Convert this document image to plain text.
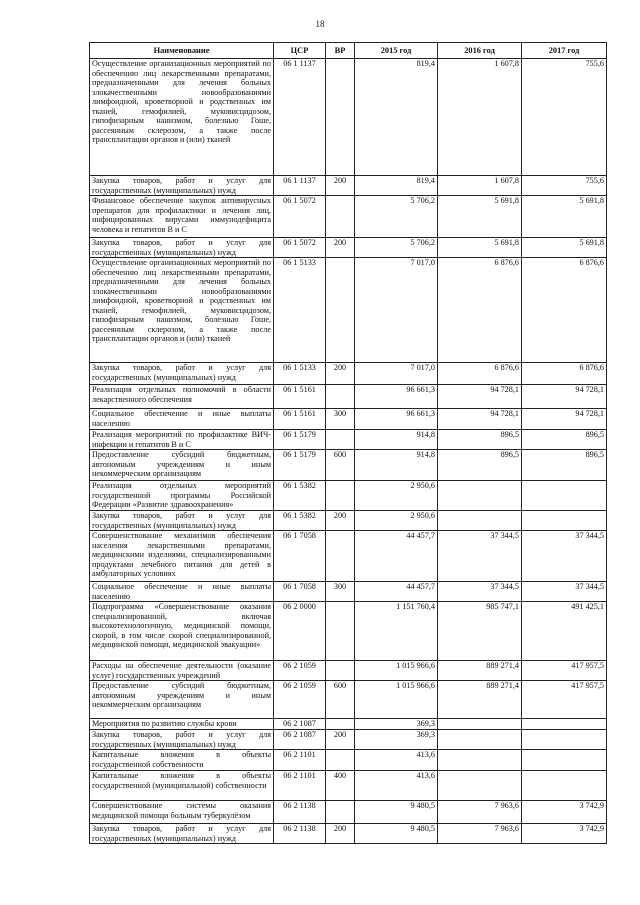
18
Наименование	ЦСР	ВР	2015 год	2016 год	2017 год
Осуществление организационных мероприятий по обеспечению лиц лекарственными препаратами, предназначенными для лечения больных злокачественными новообразованиями лимфоидной, кроветворной и родственных им тканей, гемофилией, муковисцидозом, гипофизарным нанизмом, болезнью Гоше, рассеянным склерозом, а также после трансплантации органов и (или) тканей	06 1 1137		819,4	1 607,8	755,6
Закупка товаров, работ и услуг для государственных (муниципальных) нужд	06 1 1137	200	819,4	1 607,8	755,6
Финансовое обеспечение закупок антивирусных препаратов для профилактики и лечения лиц, инфицированных вирусами иммунодефицита человека и гепатитов В и С	06 1 5072		5 706,2	5 691,8	5 691,8
Закупка товаров, работ и услуг для государственных (муниципальных) нужд	06 1 5072	200	5 706,2	5 691,8	5 691,8
Осуществление организационных мероприятий по обеспечению лиц лекарственными препаратами, предназначенными для лечения больных злокачественными новообразованиями лимфоидной, кроветворной и родственных им тканей, гемофилией, муковисцидозом, гипофизарным нанизмом, болезнью Гоше, рассеянным склерозом, а также после трансплантации органов и (или) тканей	06 1 5133		7 017,0	6 876,6	6 876,6
Закупка товаров, работ и услуг для государственных (муниципальных) нужд	06 1 5133	200	7 017,0	6 876,6	6 876,6
Реализация отдельных полномочий в области лекарственного обеспечения	06 1 5161		96 661,3	94 728,1	94 728,1
Социальное обеспечение и иные выплаты населению	06 1 5161	300	96 661,3	94 728,1	94 728,1
Реализация мероприятий по профилактике ВИЧ-инфекции и гепатитов В и С	06 1 5179		914,8	896,5	896,5
Предоставление субсидий бюджетным, автономным учреждениям и иным некоммерческим организациям	06 1 5179	600	914,8	896,5	896,5
Реализация отдельных мероприятий государственной программы Российской Федерации «Развитие здравоохранения»	06 1 5382		2 950,6		
Закупка товаров, работ и услуг для государственных (муниципальных) нужд	06 1 5382	200	2 950,6		
Совершенствование механизмов обеспечения населения лекарственными препаратами, медицинскими изделиями, специализированными продуктами лечебного питания для детей в амбулаторных условиях	06 1 7058		44 457,7	37 344,5	37 344,5
Социальное обеспечение и иные выплаты населению	06 1 7058	300	44 457,7	37 344,5	37 344,5
Подпрограмма «Совершенствование оказания специализированной, включая высокотехнологичную, медицинской помощи, скорой, в том числе скорой специализированной, медицинской помощи, медицинской эвакуации»	06 2 0000		1 151 760,4	985 747,1	491 425,1
Расходы на обеспечение деятельности (оказание услуг) государственных учреждений	06 2 1059		1 015 966,6	889 271,4	417 957,5
Предоставление субсидий бюджетным, автономным учреждениям и иным некоммерческим организациям	06 2 1059	600	1 015 966,6	889 271,4	417 957,5
Мероприятия по развитию службы крови	06 2 1087		369,3		
Закупка товаров, работ и услуг для государственных (муниципальных) нужд	06 2 1087	200	369,3		
Капитальные вложения в объекты государственной собственности	06 2 1101		413,6		
Капитальные вложения в объекты государственной (муниципальной) собственности	06 2 1101	400	413,6		
Совершенствование системы оказания медицинской помощи больным туберкулёзом	06 2 1138		9 480,5	7 963,6	3 742,9
Закупка товаров, работ и услуг для государственных (муниципальных) нужд	06 2 1138	200	9 480,5	7 963,6	3 742,9
